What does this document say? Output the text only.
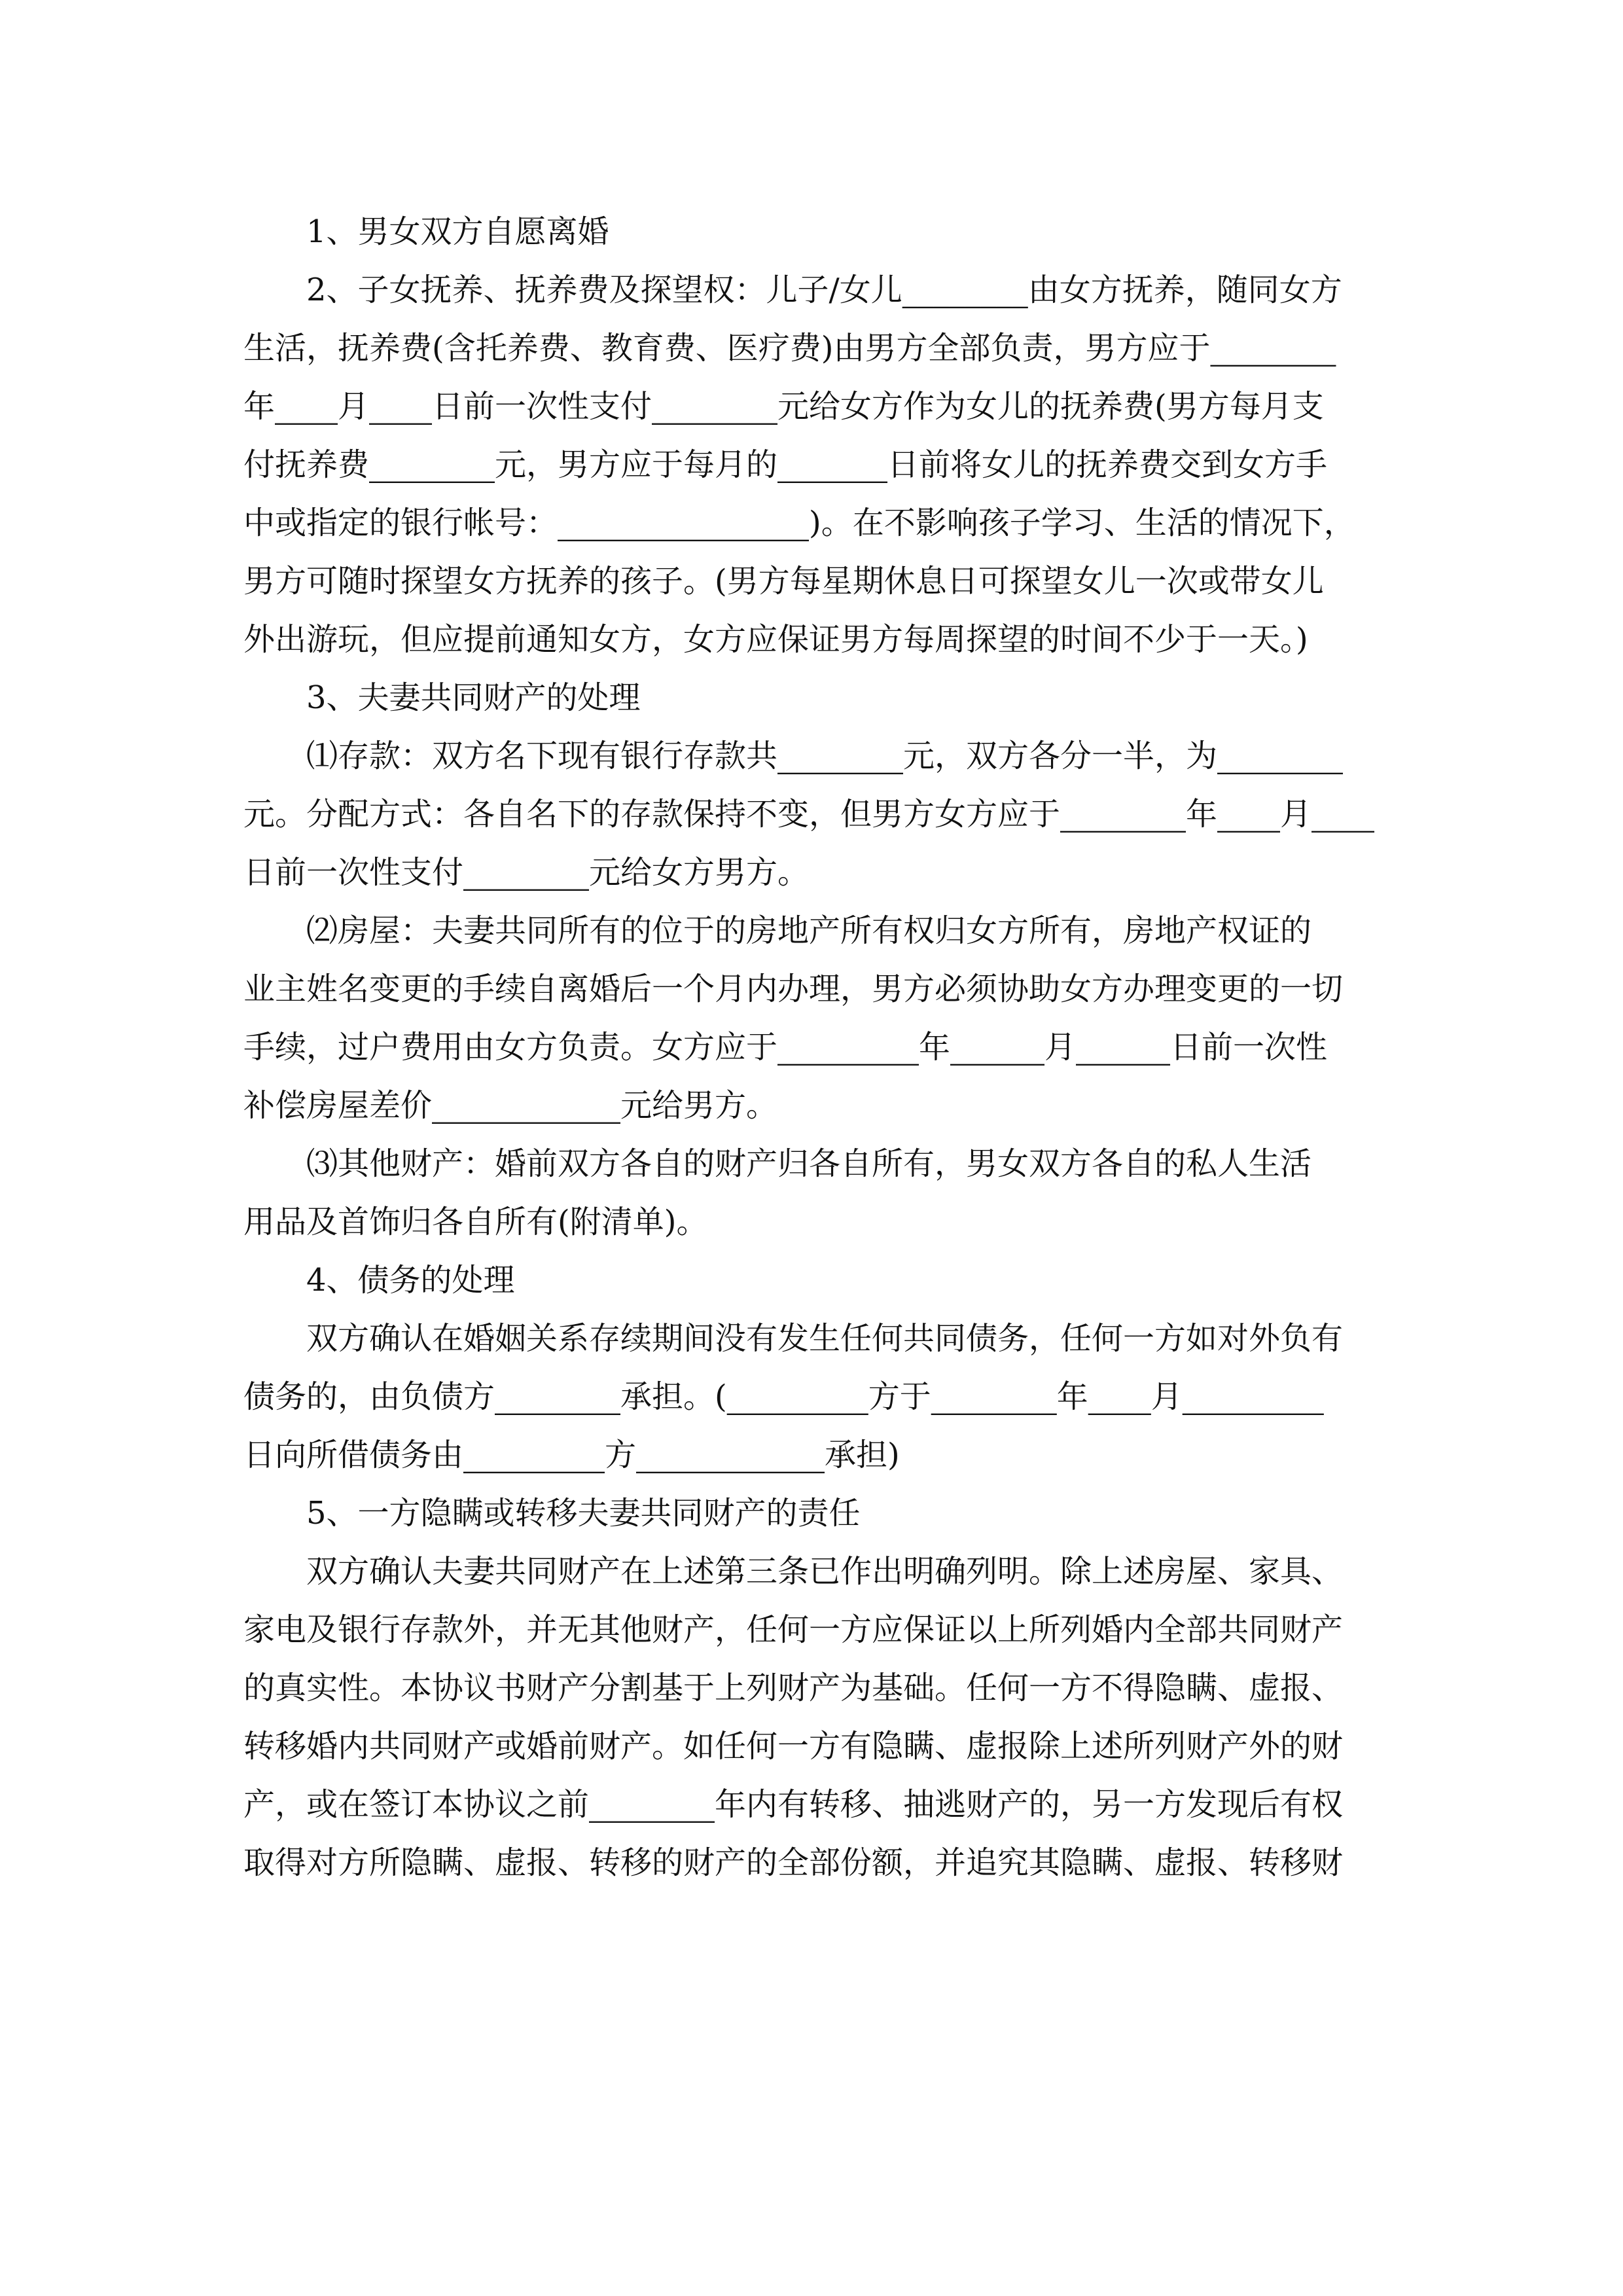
1、男女双方自愿离婚
2、子女抚养、抚养费及探望权：儿子/女儿________由女方抚养，随同女方
生活，抚养费(含托养费、教育费、医疗费)由男方全部负责，男方应于________
年____月____日前一次性支付________元给女方作为女儿的抚养费(男方每月支
付抚养费________元，男方应于每月的_______日前将女儿的抚养费交到女方手
中或指定的银行帐号：________________)。在不影响孩子学习、生活的情况下，
男方可随时探望女方抚养的孩子。(男方每星期休息日可探望女儿一次或带女儿
外出游玩，但应提前通知女方，女方应保证男方每周探望的时间不少于一天。)
3、夫妻共同财产的处理
⑴存款：双方名下现有银行存款共________元，双方各分一半，为________
元。分配方式：各自名下的存款保持不变，但男方女方应于________年____月____
日前一次性支付________元给女方男方。
⑵房屋：夫妻共同所有的位于的房地产所有权归女方所有，房地产权证的
业主姓名变更的手续自离婚后一个月内办理，男方必须协助女方办理变更的一切
手续，过户费用由女方负责。女方应于_________年______月______日前一次性
补偿房屋差价____________元给男方。
⑶其他财产：婚前双方各自的财产归各自所有，男女双方各自的私人生活
用品及首饰归各自所有(附清单)。
4、债务的处理
双方确认在婚姻关系存续期间没有发生任何共同债务，任何一方如对外负有
债务的，由负债方________承担。(_________方于________年____月_________
日向所借债务由_________方____________承担)
5、一方隐瞒或转移夫妻共同财产的责任
双方确认夫妻共同财产在上述第三条已作出明确列明。除上述房屋、家具、
家电及银行存款外，并无其他财产，任何一方应保证以上所列婚内全部共同财产
的真实性。本协议书财产分割基于上列财产为基础。任何一方不得隐瞒、虚报、
转移婚内共同财产或婚前财产。如任何一方有隐瞒、虚报除上述所列财产外的财
产，或在签订本协议之前________年内有转移、抽逃财产的，另一方发现后有权
取得对方所隐瞒、虚报、转移的财产的全部份额，并追究其隐瞒、虚报、转移财
